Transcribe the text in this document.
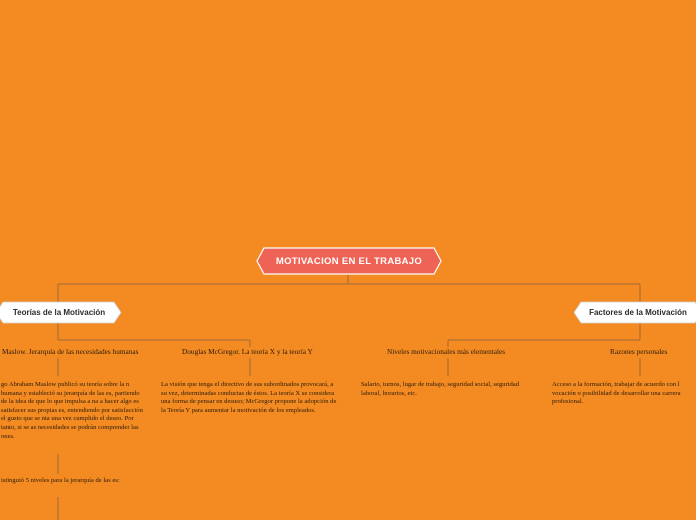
MOTIVACION EN EL TRABAJO
Teorías de la Motivación	Factores de la Motivación
Maslow. Jerarquía de las necesidades humanas	Douglas McGregor. La teoría X y la teoría Y	Niveles motivacionales más elementales	Razones personales
go Abraham Maslow publicó su teoría sobre la n humana y estableció su jerarquía de las es, partiendo de la idea de que lo que impulsa a na a hacer algo es satisfacer sus propias es, entendiendo por satisfacción el gusto que se nta una vez cumplido el deseo. Por tanto, si se as necesidades se podrán comprender las ones.
istinguió 5 niveles para la jerarquía de las es:
La visión que tenga el directivo de sus subordinados provocará, a su vez, determinadas conductas de éstos. La teoría X se considera una forma de pensar en desuso; McGregor propone la adopción de la Teoría Y para aumentar la motivación de los empleados.
Salario, turnos, lugar de trabajo, seguridad social, seguridad laboral, horarios, etc.
Acceso a la formación, trabajar de acuerdo con l vocación o posibilidad de desarrollar una carrera profesional.
